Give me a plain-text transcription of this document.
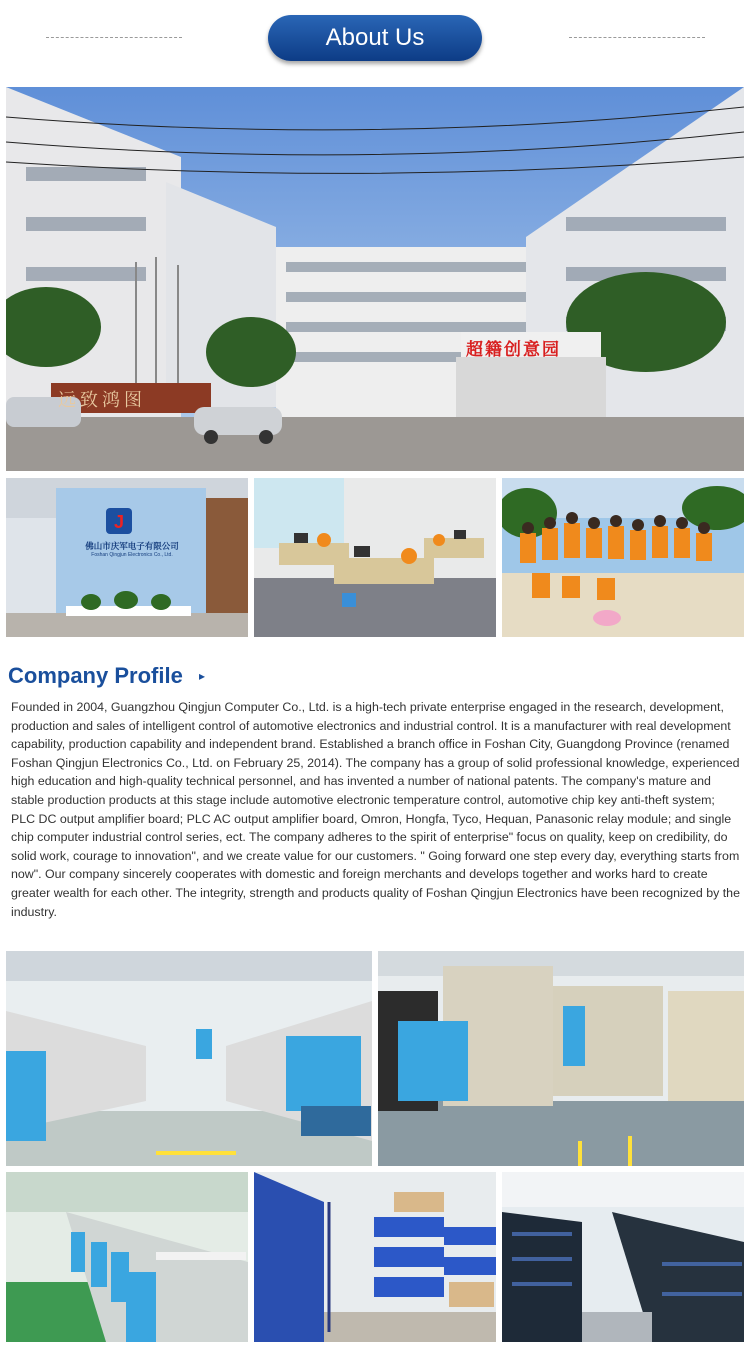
About Us
超籍创意园
远致鸿图
J
佛山市庆军电子有限公司
Foshan Qingjun Electronics Co., Ltd.
Company Profile ▸

Founded in 2004, Guangzhou Qingjun Computer Co., Ltd. is a high-tech private enterprise engaged in the research, development, production and sales of intelligent control of automotive electronics and industrial control. It is a manufacturer with real development capability, production capability and independent brand. Established a branch office in Foshan City, Guangdong Province (renamed Foshan Qingjun Electronics Co., Ltd. on February 25, 2014). The company has a group of solid professional knowledge, experienced high education and high-quality technical personnel, and has invented a number of national patents. The company's mature and stable production products at this stage include automotive electronic temperature control, automotive chip key anti-theft system; PLC DC output amplifier board; PLC AC output amplifier board, Omron, Hongfa, Tyco, Hequan, Panasonic relay module; and single chip computer industrial control series, ect. The company adheres to the spirit of enterprise" focus on quality, keep on credibility, do solid work, courage to innovation", and we create value for our customers. " Going forward one step every day, everything starts from now". Our company sincerely cooperates with domestic and foreign merchants and develops together and works hard to create greater wealth for each other. The integrity, strength and products quality of Foshan Qingjun Electronics have been recognized by the industry.
